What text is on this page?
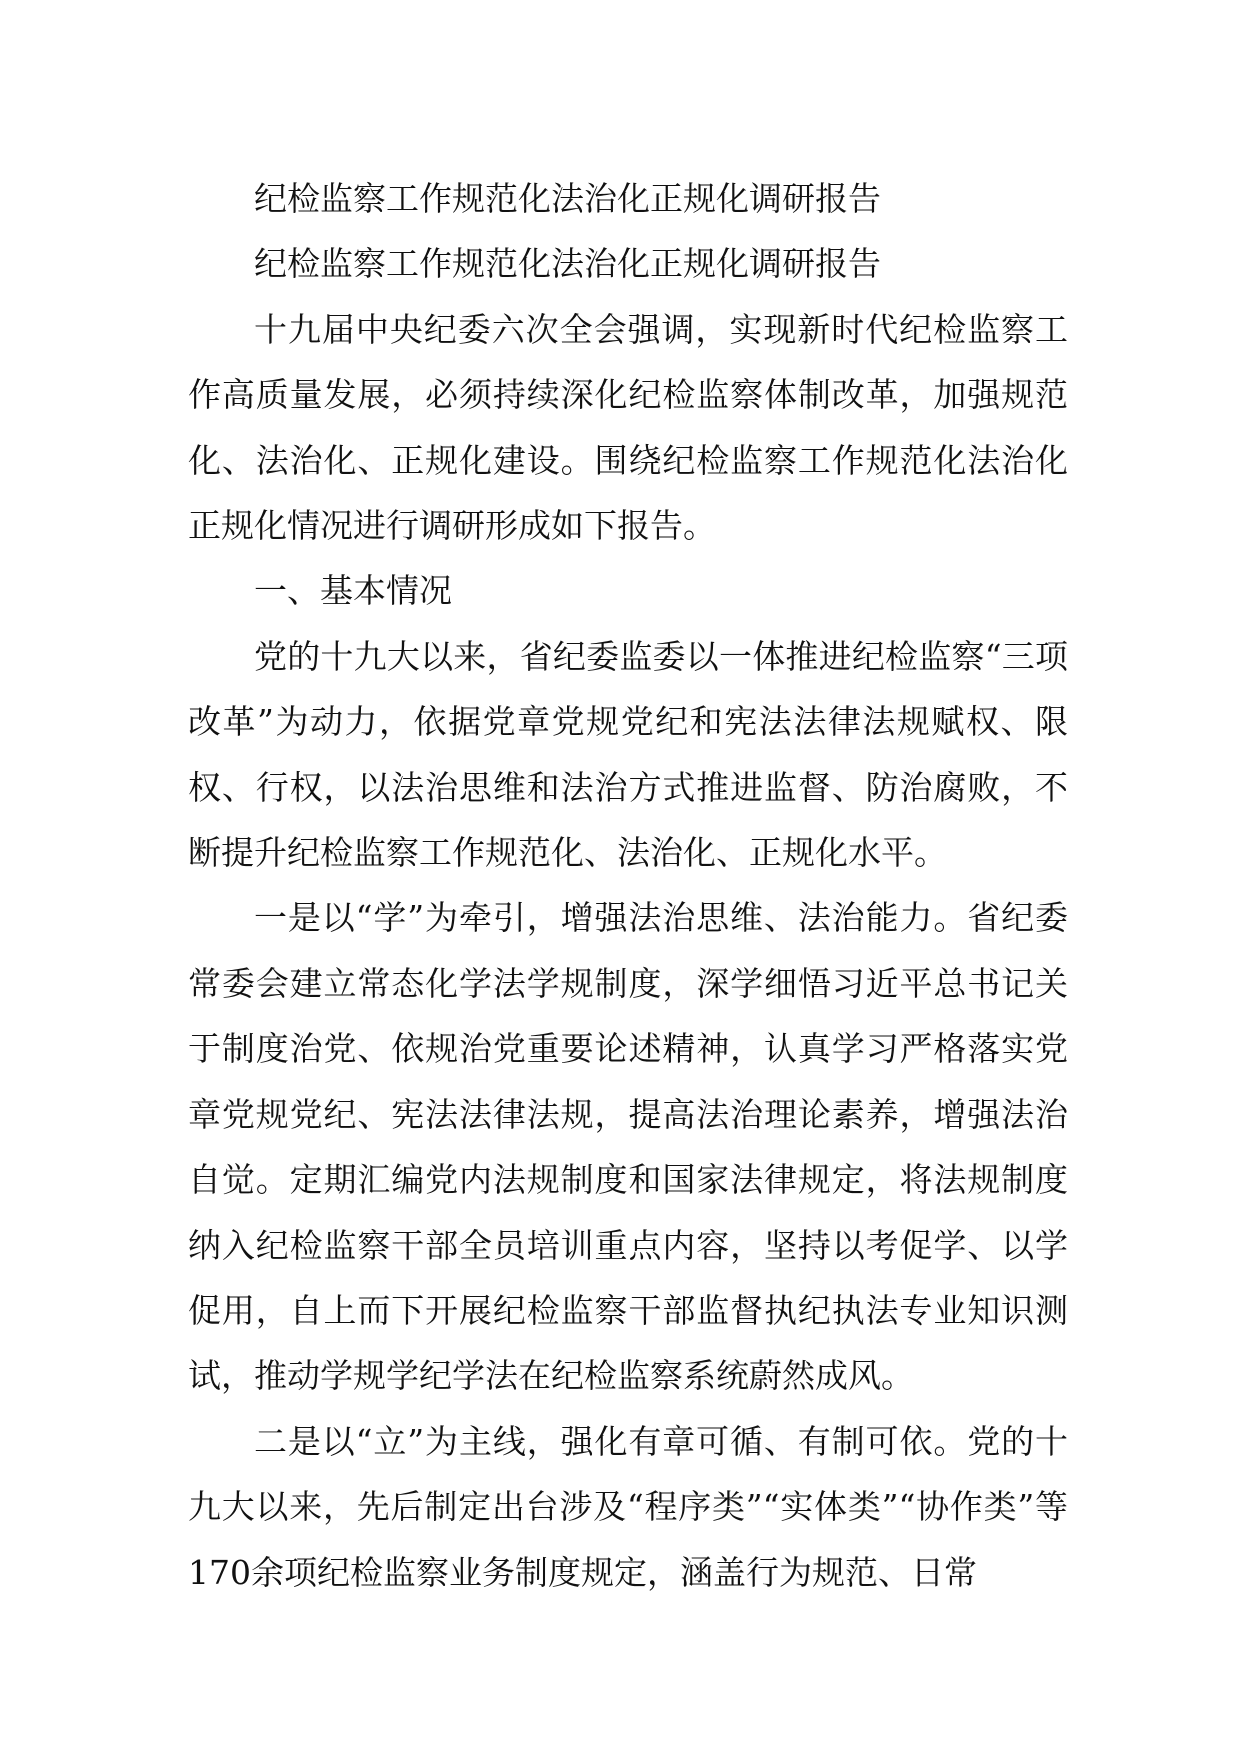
纪检监察工作规范化法治化正规化调研报告

纪检监察工作规范化法治化正规化调研报告

十九届中央纪委六次全会强调，实现新时代纪检监察工作高质量发展，必须持续深化纪检监察体制改革，加强规范化、法治化、正规化建设。围绕纪检监察工作规范化法治化正规化情况进行调研形成如下报告。

一、基本情况

党的十九大以来，省纪委监委以一体推进纪检监察“三项改革”为动力，依据党章党规党纪和宪法法律法规赋权、限权、行权，以法治思维和法治方式推进监督、防治腐败，不断提升纪检监察工作规范化、法治化、正规化水平。

一是以“学”为牵引，增强法治思维、法治能力。省纪委常委会建立常态化学法学规制度，深学细悟习近平总书记关于制度治党、依规治党重要论述精神，认真学习严格落实党章党规党纪、宪法法律法规，提高法治理论素养，增强法治自觉。定期汇编党内法规制度和国家法律规定，将法规制度纳入纪检监察干部全员培训重点内容，坚持以考促学、以学促用，自上而下开展纪检监察干部监督执纪执法专业知识测试，推动学规学纪学法在纪检监察系统蔚然成风。

二是以“立”为主线，强化有章可循、有制可依。党的十九大以来，先后制定出台涉及“程序类”“实体类”“协作类”等170余项纪检监察业务制度规定，涵盖行为规范、日常
